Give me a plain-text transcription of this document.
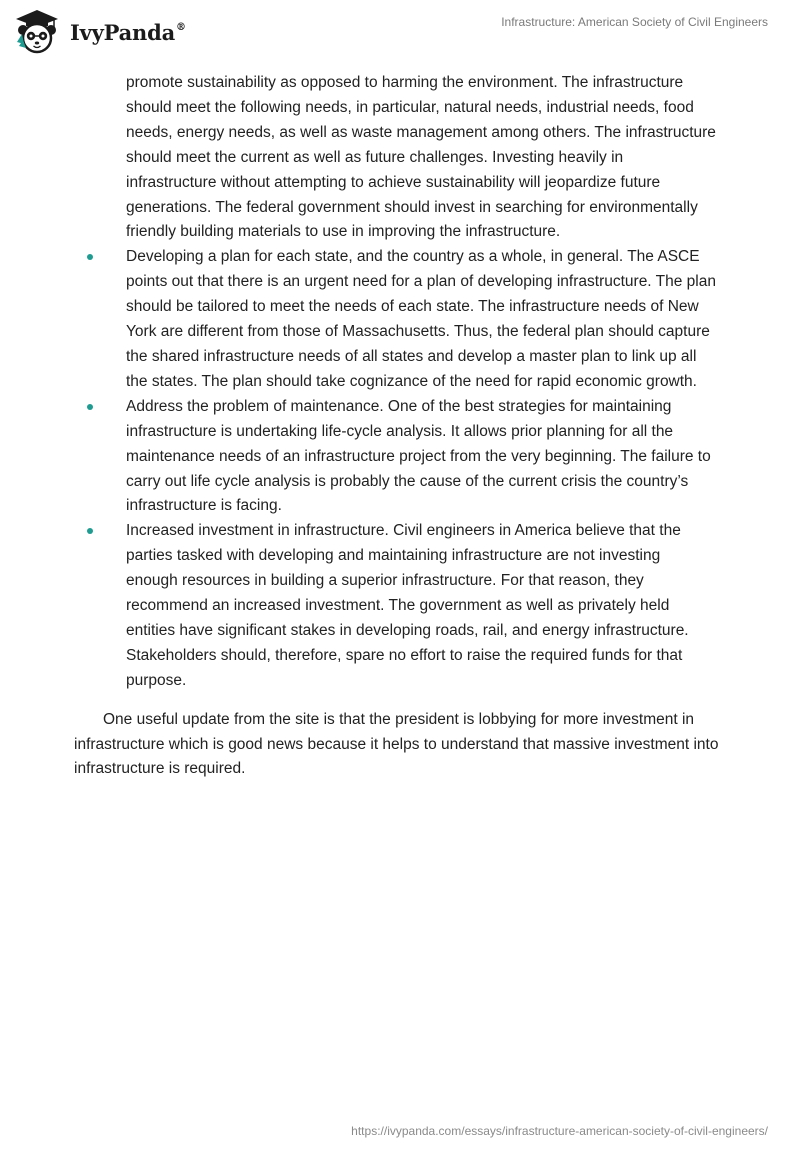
IvyPanda®	Infrastructure: American Society of Civil Engineers

promote sustainability as opposed to harming the environment. The infrastructure should meet the following needs, in particular, natural needs, industrial needs, food needs, energy needs, as well as waste management among others. The infrastructure should meet the current as well as future challenges. Investing heavily in infrastructure without attempting to achieve sustainability will jeopardize future generations. The federal government should invest in searching for environmentally friendly building materials to use in improving the infrastructure.

Developing a plan for each state, and the country as a whole, in general. The ASCE points out that there is an urgent need for a plan of developing infrastructure. The plan should be tailored to meet the needs of each state. The infrastructure needs of New York are different from those of Massachusetts. Thus, the federal plan should capture the shared infrastructure needs of all states and develop a master plan to link up all the states. The plan should take cognizance of the need for rapid economic growth.
Address the problem of maintenance. One of the best strategies for maintaining infrastructure is undertaking life-cycle analysis. It allows prior planning for all the maintenance needs of an infrastructure project from the very beginning. The failure to carry out life cycle analysis is probably the cause of the current crisis the country’s infrastructure is facing.
Increased investment in infrastructure. Civil engineers in America believe that the parties tasked with developing and maintaining infrastructure are not investing enough resources in building a superior infrastructure. For that reason, they recommend an increased investment. The government as well as privately held entities have significant stakes in developing roads, rail, and energy infrastructure. Stakeholders should, therefore, spare no effort to raise the required funds for that purpose.

One useful update from the site is that the president is lobbying for more investment in infrastructure which is good news because it helps to understand that massive investment into infrastructure is required.

https://ivypanda.com/essays/infrastructure-american-society-of-civil-engineers/
